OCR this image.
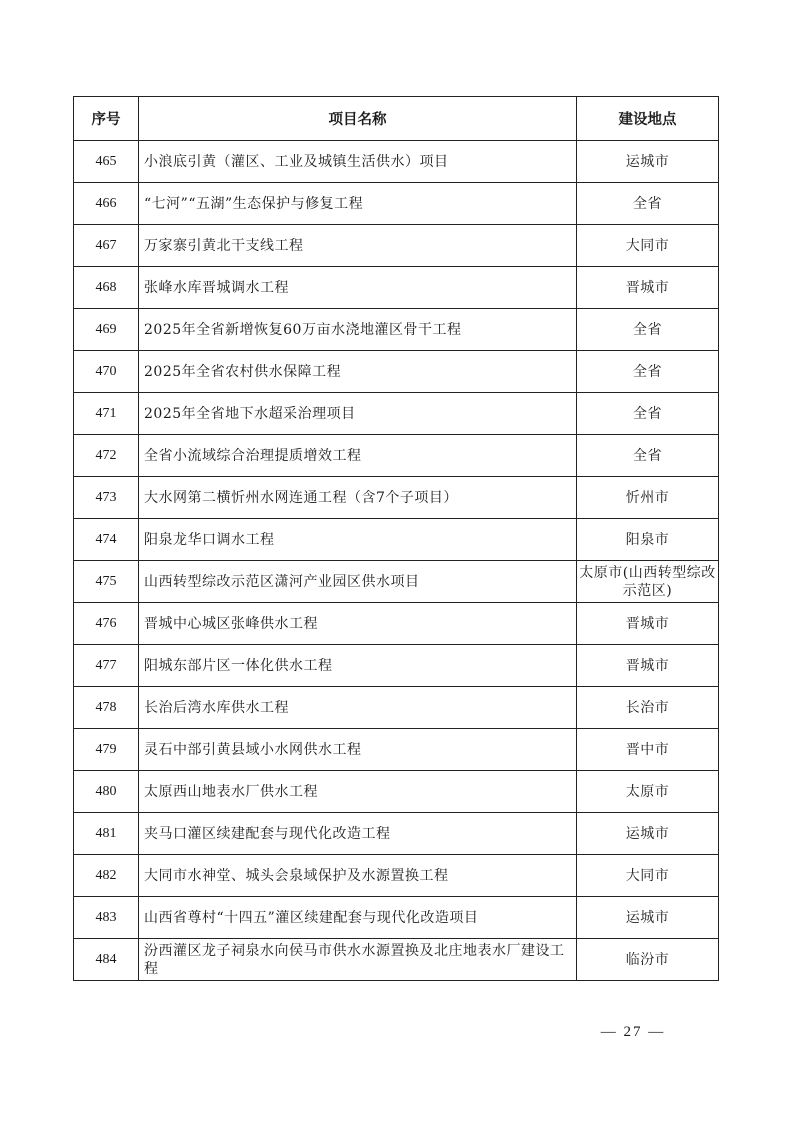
序号	项目名称	建设地点
465	小浪底引黄（灌区、工业及城镇生活供水）项目	运城市
466	“七河”“五湖”生态保护与修复工程	全省
467	万家寨引黄北干支线工程	大同市
468	张峰水库晋城调水工程	晋城市
469	2025年全省新增恢复60万亩水浇地灌区骨干工程	全省
470	2025年全省农村供水保障工程	全省
471	2025年全省地下水超采治理项目	全省
472	全省小流域综合治理提质增效工程	全省
473	大水网第二横忻州水网连通工程（含7个子项目）	忻州市
474	阳泉龙华口调水工程	阳泉市
475	山西转型综改示范区潇河产业园区供水项目	太原市(山西转型综改示范区)
476	晋城中心城区张峰供水工程	晋城市
477	阳城东部片区一体化供水工程	晋城市
478	长治后湾水库供水工程	长治市
479	灵石中部引黄县域小水网供水工程	晋中市
480	太原西山地表水厂供水工程	太原市
481	夹马口灌区续建配套与现代化改造工程	运城市
482	大同市水神堂、城头会泉域保护及水源置换工程	大同市
483	山西省尊村“十四五”灌区续建配套与现代化改造项目	运城市
484	汾西灌区龙子祠泉水向侯马市供水水源置换及北庄地表水厂建设工程	临汾市
— 27 —
